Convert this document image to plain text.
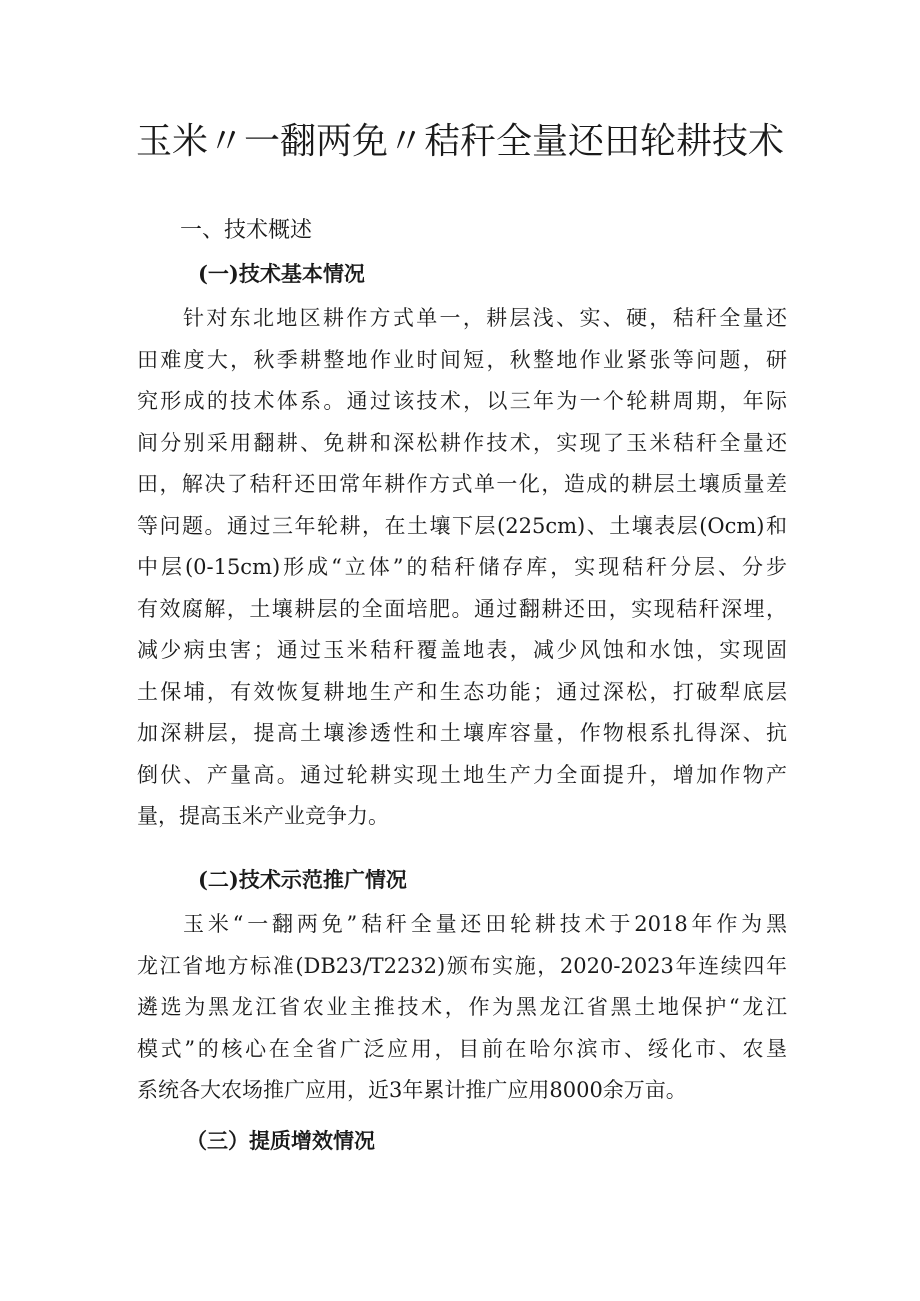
玉米〃一翻两免〃秸秆全量还田轮耕技术
一、技术概述
(一)技术基本情况
针对东北地区耕作方式单一，耕层浅、实、硬，秸秆全量还
田难度大，秋季耕整地作业时间短，秋整地作业紧张等问题，研
究形成的技术体系。通过该技术，以三年为一个轮耕周期，年际
间分别采用翻耕、免耕和深松耕作技术，实现了玉米秸秆全量还
田，解决了秸秆还田常年耕作方式单一化，造成的耕层土壤质量差
等问题。通过三年轮耕，在土壤下层(225cm)、土壤表层(Ocm)和
中层(0-15cm)形成“立体”的秸秆储存库，实现秸秆分层、分步
有效腐解，土壤耕层的全面培肥。通过翻耕还田，实现秸秆深埋，
减少病虫害；通过玉米秸秆覆盖地表，减少风蚀和水蚀，实现固
土保埔，有效恢复耕地生产和生态功能；通过深松，打破犁底层
加深耕层，提高土壤渗透性和土壤库容量，作物根系扎得深、抗
倒伏、产量高。通过轮耕实现土地生产力全面提升，增加作物产
量，提高玉米产业竞争力。
(二)技术示范推广情况
玉米“一翻两免”秸秆全量还田轮耕技术于2018年作为黑
龙江省地方标准(DB23/T2232)颁布实施，2020-2023年连续四年
遴选为黑龙江省农业主推技术，作为黑龙江省黑土地保护“龙江
模式”的核心在全省广泛应用，目前在哈尔滨市、绥化市、农垦
系统各大农场推广应用，近3年累计推广应用8000余万亩。
（三）提质增效情况
